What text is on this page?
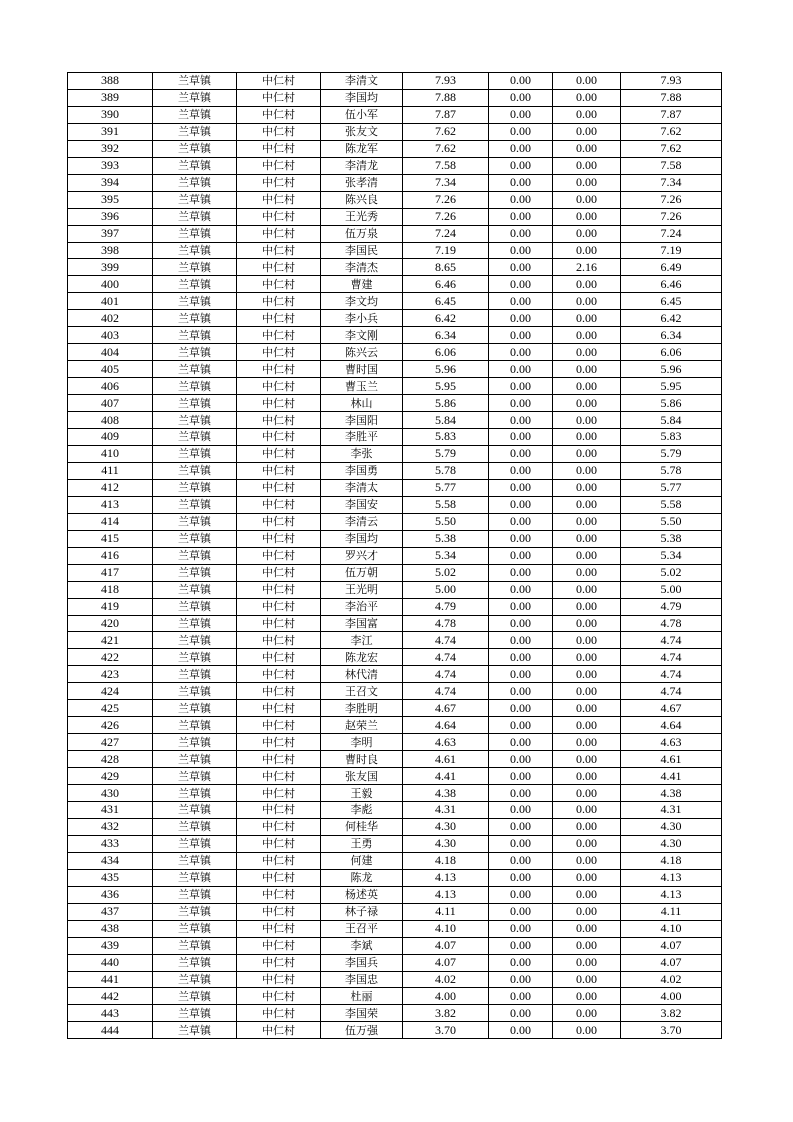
388	兰草镇	中仁村	李清文	7.93	0.00	0.00	7.93
389	兰草镇	中仁村	李国均	7.88	0.00	0.00	7.88
390	兰草镇	中仁村	伍小军	7.87	0.00	0.00	7.87
391	兰草镇	中仁村	张友文	7.62	0.00	0.00	7.62
392	兰草镇	中仁村	陈龙军	7.62	0.00	0.00	7.62
393	兰草镇	中仁村	李清龙	7.58	0.00	0.00	7.58
394	兰草镇	中仁村	张孝清	7.34	0.00	0.00	7.34
395	兰草镇	中仁村	陈兴良	7.26	0.00	0.00	7.26
396	兰草镇	中仁村	王光秀	7.26	0.00	0.00	7.26
397	兰草镇	中仁村	伍万泉	7.24	0.00	0.00	7.24
398	兰草镇	中仁村	李国民	7.19	0.00	0.00	7.19
399	兰草镇	中仁村	李清杰	8.65	0.00	2.16	6.49
400	兰草镇	中仁村	曹建	6.46	0.00	0.00	6.46
401	兰草镇	中仁村	李文均	6.45	0.00	0.00	6.45
402	兰草镇	中仁村	李小兵	6.42	0.00	0.00	6.42
403	兰草镇	中仁村	李文刚	6.34	0.00	0.00	6.34
404	兰草镇	中仁村	陈兴云	6.06	0.00	0.00	6.06
405	兰草镇	中仁村	曹时国	5.96	0.00	0.00	5.96
406	兰草镇	中仁村	曹玉兰	5.95	0.00	0.00	5.95
407	兰草镇	中仁村	林山	5.86	0.00	0.00	5.86
408	兰草镇	中仁村	李国阳	5.84	0.00	0.00	5.84
409	兰草镇	中仁村	李胜平	5.83	0.00	0.00	5.83
410	兰草镇	中仁村	李张	5.79	0.00	0.00	5.79
411	兰草镇	中仁村	李国勇	5.78	0.00	0.00	5.78
412	兰草镇	中仁村	李清太	5.77	0.00	0.00	5.77
413	兰草镇	中仁村	李国安	5.58	0.00	0.00	5.58
414	兰草镇	中仁村	李清云	5.50	0.00	0.00	5.50
415	兰草镇	中仁村	李国均	5.38	0.00	0.00	5.38
416	兰草镇	中仁村	罗兴才	5.34	0.00	0.00	5.34
417	兰草镇	中仁村	伍万朝	5.02	0.00	0.00	5.02
418	兰草镇	中仁村	王光明	5.00	0.00	0.00	5.00
419	兰草镇	中仁村	李治平	4.79	0.00	0.00	4.79
420	兰草镇	中仁村	李国富	4.78	0.00	0.00	4.78
421	兰草镇	中仁村	李江	4.74	0.00	0.00	4.74
422	兰草镇	中仁村	陈龙宏	4.74	0.00	0.00	4.74
423	兰草镇	中仁村	林代清	4.74	0.00	0.00	4.74
424	兰草镇	中仁村	王召文	4.74	0.00	0.00	4.74
425	兰草镇	中仁村	李胜明	4.67	0.00	0.00	4.67
426	兰草镇	中仁村	赵荣兰	4.64	0.00	0.00	4.64
427	兰草镇	中仁村	李明	4.63	0.00	0.00	4.63
428	兰草镇	中仁村	曹时良	4.61	0.00	0.00	4.61
429	兰草镇	中仁村	张友国	4.41	0.00	0.00	4.41
430	兰草镇	中仁村	王毅	4.38	0.00	0.00	4.38
431	兰草镇	中仁村	李彪	4.31	0.00	0.00	4.31
432	兰草镇	中仁村	何桂华	4.30	0.00	0.00	4.30
433	兰草镇	中仁村	王勇	4.30	0.00	0.00	4.30
434	兰草镇	中仁村	何建	4.18	0.00	0.00	4.18
435	兰草镇	中仁村	陈龙	4.13	0.00	0.00	4.13
436	兰草镇	中仁村	杨述英	4.13	0.00	0.00	4.13
437	兰草镇	中仁村	林子禄	4.11	0.00	0.00	4.11
438	兰草镇	中仁村	王召平	4.10	0.00	0.00	4.10
439	兰草镇	中仁村	李斌	4.07	0.00	0.00	4.07
440	兰草镇	中仁村	李国兵	4.07	0.00	0.00	4.07
441	兰草镇	中仁村	李国忠	4.02	0.00	0.00	4.02
442	兰草镇	中仁村	杜丽	4.00	0.00	0.00	4.00
443	兰草镇	中仁村	李国荣	3.82	0.00	0.00	3.82
444	兰草镇	中仁村	伍万强	3.70	0.00	0.00	3.70
